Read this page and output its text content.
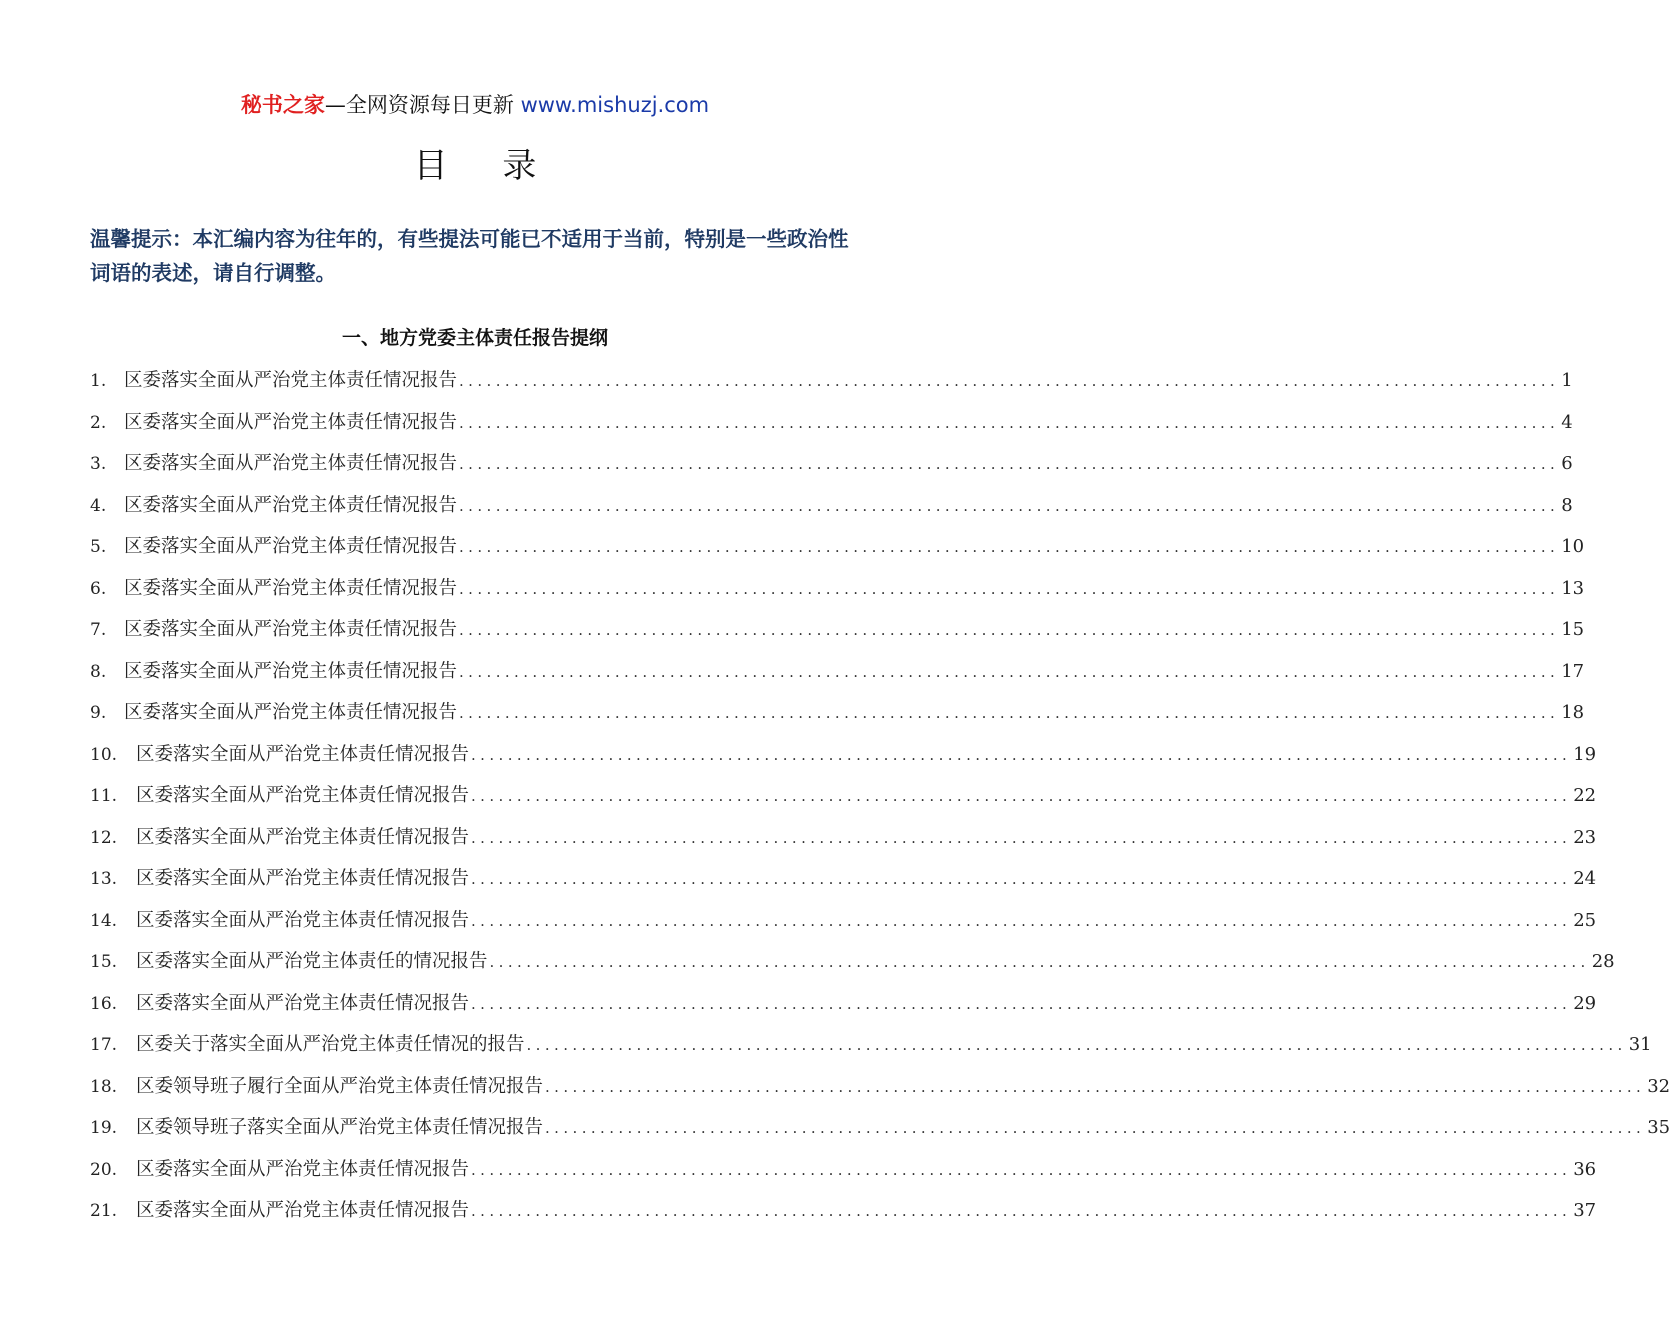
秘书之家—全网资源每日更新 www.mishuzj.com
目 录
温馨提示：本汇编内容为往年的，有些提法可能已不适用于当前，特别是一些政治性词语的表述，请自行调整。
一、地方党委主体责任报告提纲
1. 区委落实全面从严治党主体责任情况报告 ........................................................................................................................ 1
2. 区委落实全面从严治党主体责任情况报告 ........................................................................................................................ 4
3. 区委落实全面从严治党主体责任情况报告 ........................................................................................................................ 6
4. 区委落实全面从严治党主体责任情况报告 ........................................................................................................................ 8
5. 区委落实全面从严治党主体责任情况报告 ........................................................................................................................ 10
6. 区委落实全面从严治党主体责任情况报告 ........................................................................................................................ 13
7. 区委落实全面从严治党主体责任情况报告 ........................................................................................................................ 15
8. 区委落实全面从严治党主体责任情况报告 ........................................................................................................................ 17
9. 区委落实全面从严治党主体责任情况报告 ........................................................................................................................ 18
10.	区委落实全面从严治党主体责任情况报告 ........................................................................................................................ 19
11.	区委落实全面从严治党主体责任情况报告 ........................................................................................................................ 22
12.	区委落实全面从严治党主体责任情况报告 ........................................................................................................................ 23
13.	区委落实全面从严治党主体责任情况报告 ........................................................................................................................ 24
14.	区委落实全面从严治党主体责任情况报告 ........................................................................................................................ 25
15.	区委落实全面从严治党主体责任的情况报告 ........................................................................................................................ 28
16.	区委落实全面从严治党主体责任情况报告 ........................................................................................................................ 29
17.	区委关于落实全面从严治党主体责任情况的报告 ........................................................................................................................ 31
18.	区委领导班子履行全面从严治党主体责任情况报告 ........................................................................................................................ 32
19.	区委领导班子落实全面从严治党主体责任情况报告 ........................................................................................................................ 35
20.	区委落实全面从严治党主体责任情况报告 ........................................................................................................................ 36
21.	区委落实全面从严治党主体责任情况报告 ........................................................................................................................ 37
